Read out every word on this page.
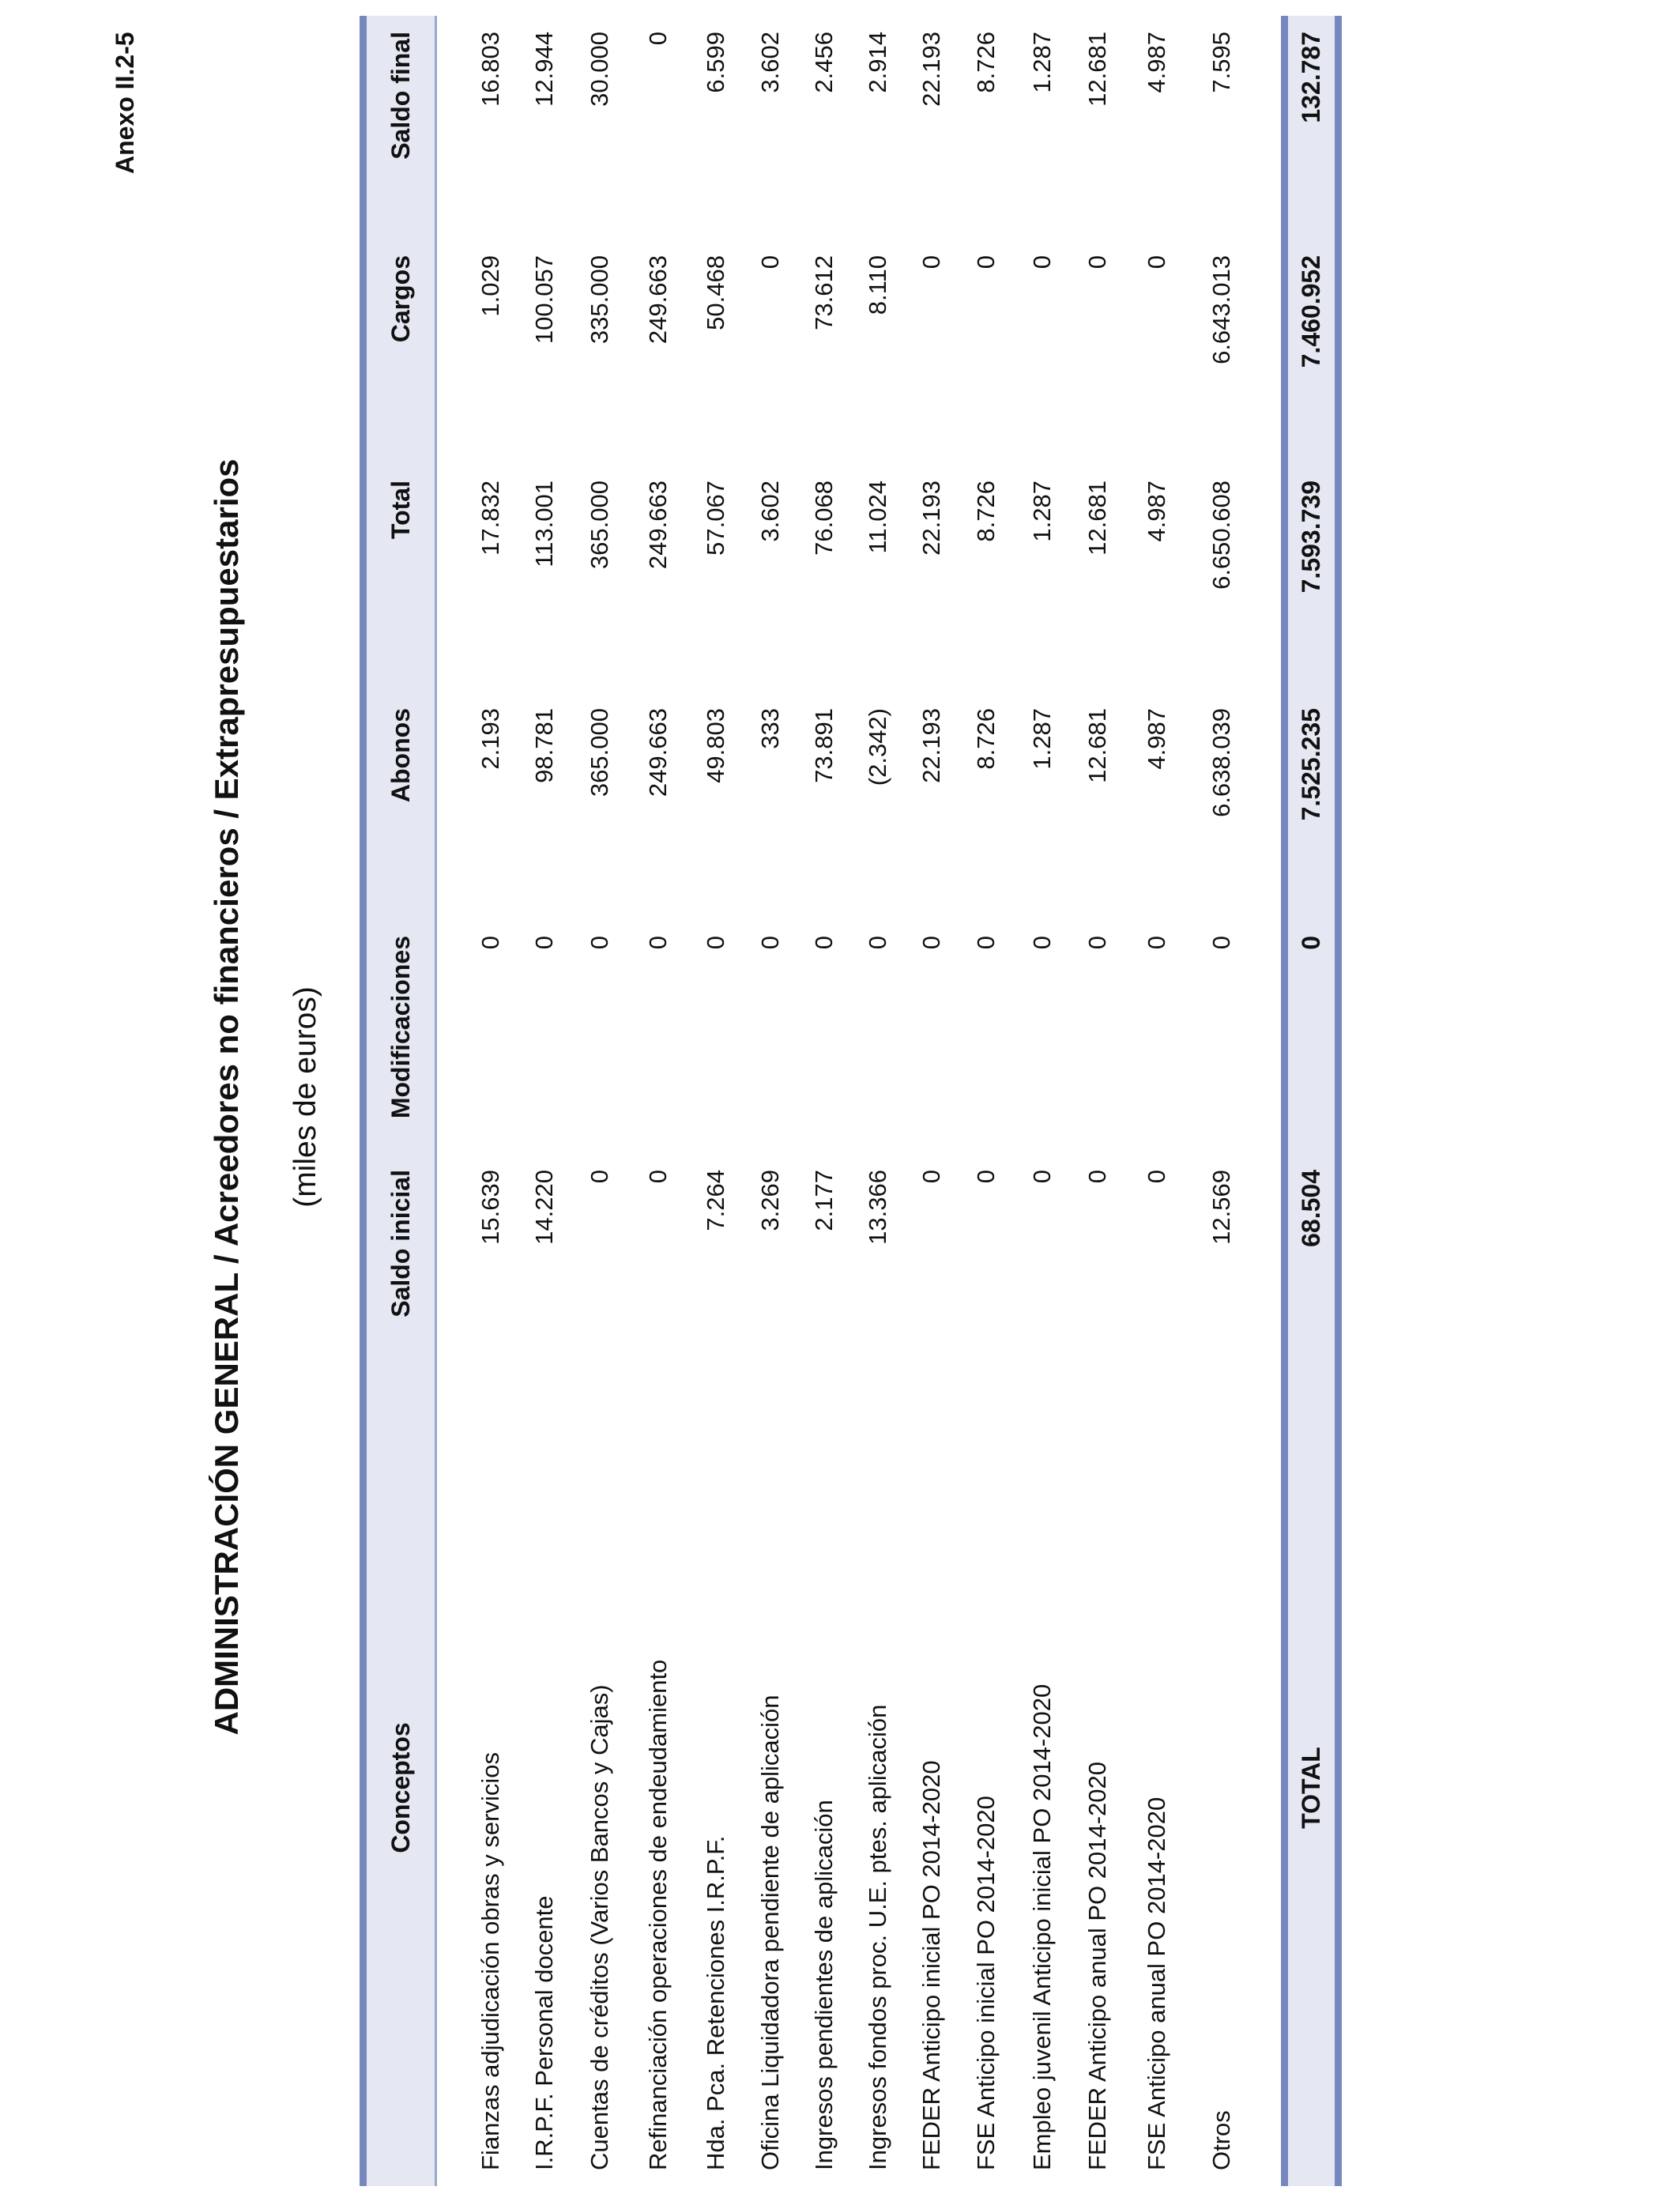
Anexo II.2-5
ADMINISTRACIÓN GENERAL / Acreedores no financieros / Extrapresupuestarios (miles de euros)
Conceptos	Saldo inicial	Modificaciones	Abonos	Total	Cargos	Saldo final

Fianzas adjudicación obras y servicios	15.639	0	2.193	17.832	1.029	16.803
I.R.P.F. Personal docente	14.220	0	98.781	113.001	100.057	12.944
Cuentas de créditos (Varios Bancos y Cajas)	0	0	365.000	365.000	335.000	30.000
Refinanciación operaciones de endeudamiento	0	0	249.663	249.663	249.663	0
Hda. Pca. Retenciones I.R.P.F.	7.264	0	49.803	57.067	50.468	6.599
Oficina Liquidadora pendiente de aplicación	3.269	0	333	3.602	0	3.602
Ingresos pendientes de aplicación	2.177	0	73.891	76.068	73.612	2.456
Ingresos fondos proc. U.E. ptes. aplicación	13.366	0	(2.342)	11.024	8.110	2.914
FEDER Anticipo inicial PO 2014-2020	0	0	22.193	22.193	0	22.193
FSE Anticipo inicial PO 2014-2020	0	0	8.726	8.726	0	8.726
Empleo juvenil Anticipo inicial PO 2014-2020	0	0	1.287	1.287	0	1.287
FEDER Anticipo anual PO 2014-2020	0	0	12.681	12.681	0	12.681
FSE Anticipo anual PO 2014-2020	0	0	4.987	4.987	0	4.987
Otros	12.569	0	6.638.039	6.650.608	6.643.013	7.595

TOTAL	68.504	0	7.525.235	7.593.739	7.460.952	132.787
